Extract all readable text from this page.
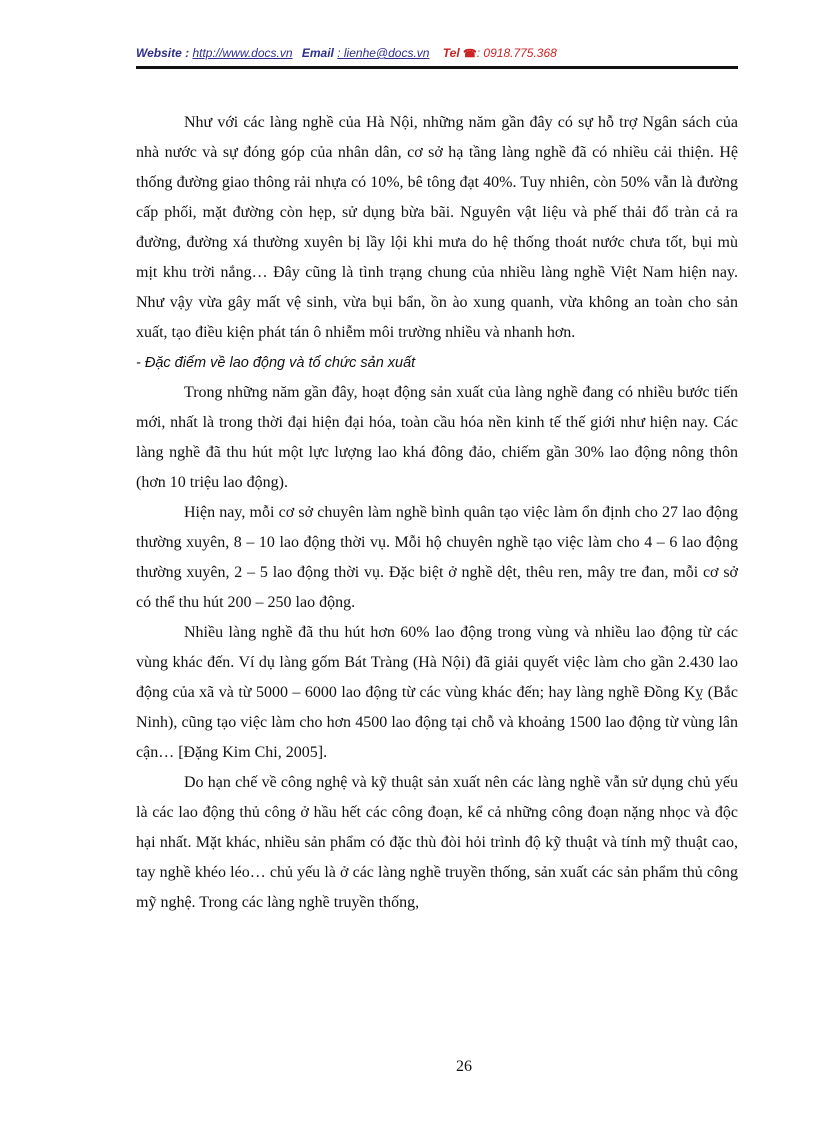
Website : http://www.docs.vn Email : lienhe@docs.vn Tel ☎: 0918.775.368

Như với các làng nghề của Hà Nội, những năm gần đây có sự hỗ trợ Ngân sách của nhà nước và sự đóng góp của nhân dân, cơ sở hạ tầng làng nghề đã có nhiều cải thiện. Hệ thống đường giao thông rải nhựa có 10%, bê tông đạt 40%. Tuy nhiên, còn 50% vẫn là đường cấp phối, mặt đường còn hẹp, sử dụng bừa bãi. Nguyên vật liệu và phế thải đổ tràn cả ra đường, đường xá thường xuyên bị lầy lội khi mưa do hệ thống thoát nước chưa tốt, bụi mù mịt khu trời nắng… Đây cũng là tình trạng chung của nhiều làng nghề Việt Nam hiện nay. Như vậy vừa gây mất vệ sinh, vừa bụi bẩn, ồn ào xung quanh, vừa không an toàn cho sản xuất, tạo điều kiện phát tán ô nhiễm môi trường nhiều và nhanh hơn.

- Đặc điểm về lao động và tổ chức sản xuất

Trong những năm gần đây, hoạt động sản xuất của làng nghề đang có nhiều bước tiến mới, nhất là trong thời đại hiện đại hóa, toàn cầu hóa nền kinh tế thế giới như hiện nay. Các làng nghề đã thu hút một lực lượng lao khá đông đảo, chiếm gần 30% lao động nông thôn (hơn 10 triệu lao động).

Hiện nay, mỗi cơ sở chuyên làm nghề bình quân tạo việc làm ổn định cho 27 lao động thường xuyên, 8 – 10 lao động thời vụ. Mỗi hộ chuyên nghề tạo việc làm cho 4 – 6 lao động thường xuyên, 2 – 5 lao động thời vụ. Đặc biệt ở nghề dệt, thêu ren, mây tre đan, mỗi cơ sở có thể thu hút 200 – 250 lao động.

Nhiều làng nghề đã thu hút hơn 60% lao động trong vùng và nhiều lao động từ các vùng khác đến. Ví dụ làng gốm Bát Tràng (Hà Nội) đã giải quyết việc làm cho gần 2.430 lao động của xã và từ 5000 – 6000 lao động từ các vùng khác đến; hay làng nghề Đồng Kỵ (Bắc Ninh), cũng tạo việc làm cho hơn 4500 lao động tại chỗ và khoảng 1500 lao động từ vùng lân cận… [Đặng Kim Chi, 2005].

Do hạn chế về công nghệ và kỹ thuật sản xuất nên các làng nghề vẫn sử dụng chủ yếu là các lao động thủ công ở hầu hết các công đoạn, kể cả những công đoạn nặng nhọc và độc hại nhất. Mặt khác, nhiều sản phẩm có đặc thù đòi hỏi trình độ kỹ thuật và tính mỹ thuật cao, tay nghề khéo léo… chủ yếu là ở các làng nghề truyền thống, sản xuất các sản phẩm thủ công mỹ nghệ. Trong các làng nghề truyền thống,

26
